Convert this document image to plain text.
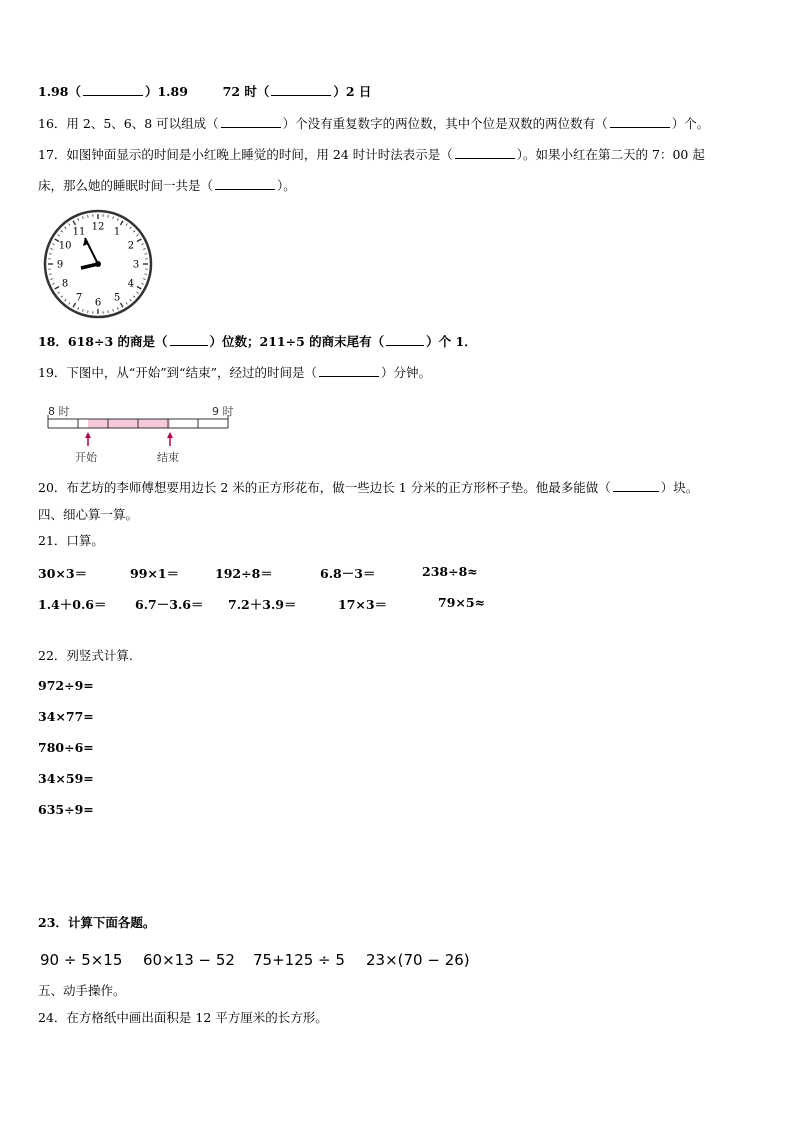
1.98（	）1.89	72 时（	）2 日
16．用 2、5、6、8 可以组成（	）个没有重复数字的两位数，其中个位是双数的两位数有（	）个。
17．如图钟面显示的时间是小红晚上睡觉的时间，用 24 时计时法表示是（	）。如果小红在第二天的 7：00 起
床，那么她的睡眠时间一共是（	）。
12 1
2
3
4
5
6
7
8
9
10
11
18．618÷3 的商是（	）位数；211÷5 的商末尾有（	）个 1．
19．下图中，从“开始”到“结束”，经过的时间是（	）分钟。
8 时	9 时
开始	结束
20．布艺坊的李师傅想要用边长 2 米的正方形花布，做一些边长 1 分米的正方形杯子垫。他最多能做（	）块。
四、细心算一算。
21．口算。
30×3＝	99×1＝	192÷8＝	6.8－3＝	238÷8≈
1.4＋0.6＝ 6.7－3.6＝ 7.2＋3.9＝	17×3＝	79×5≈
22．列竖式计算.
972÷9=
34×77=
780÷6=
34×59=
635÷9=
23．计算下面各题。
90 ÷ 5×15 60×13 − 52 75+125 ÷ 5 23×(70 − 26)
五、动手操作。
24．在方格纸中画出面积是 12 平方厘米的长方形。
